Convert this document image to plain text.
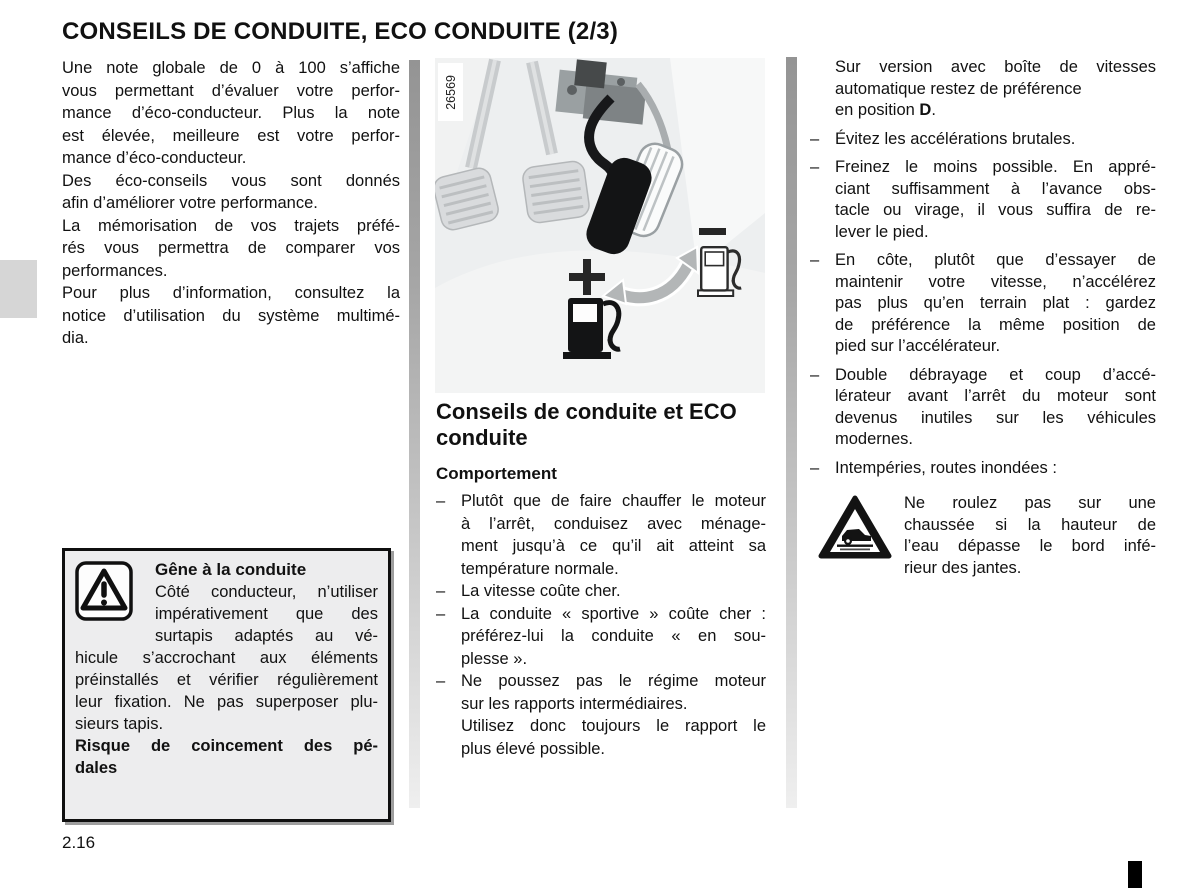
CONSEILS DE CONDUITE, ECO CONDUITE (2/3)
Une note globale de 0 à 100 s’affiche
vous permettant d’évaluer votre perfor-
mance d’éco-conducteur. Plus la note
est élevée, meilleure est votre perfor-
mance d’éco-conducteur.
Des éco-conseils vous sont donnés
afin d’améliorer votre performance.
La mémorisation de vos trajets préfé-
rés vous permettra de comparer vos
performances.
Pour plus d’information, consultez la
notice d’utilisation du système multimé-
dia.
Gêne à la conduite
Côté conducteur, n’utiliser
impérativement que des
surtapis adaptés au vé-
hicule s’accrochant aux éléments
préinstallés et vérifier régulièrement
leur fixation. Ne pas superposer plu-
sieurs tapis.
Risque de coincement des pé-
dales
26569
Conseils de conduite et ECO
conduite
Comportement
– Plutôt que de faire chauffer le moteur
à l’arrêt, conduisez avec ménage-
ment jusqu’à ce qu’il ait atteint sa
température normale.
– La vitesse coûte cher.
– La conduite « sportive » coûte cher :
préférez-lui la conduite « en sou-
plesse ».
– Ne poussez pas le régime moteur
sur les rapports intermédiaires.
Utilisez donc toujours le rapport le
plus élevé possible.
Sur version avec boîte de vitesses
automatique restez de préférence
en position D.
– Évitez les accélérations brutales.
– Freinez le moins possible. En appré-
ciant suffisamment à l’avance obs-
tacle ou virage, il vous suffira de re-
lever le pied.
– En côte, plutôt que d’essayer de
maintenir votre vitesse, n’accélérez
pas plus qu’en terrain plat : gardez
de préférence la même position de
pied sur l’accélérateur.
– Double débrayage et coup d’accé-
lérateur avant l’arrêt du moteur sont
devenus inutiles sur les véhicules
modernes.
– Intempéries, routes inondées :
Ne roulez pas sur une
chaussée si la hauteur de
l’eau dépasse le bord infé-
rieur des jantes.
2.16
